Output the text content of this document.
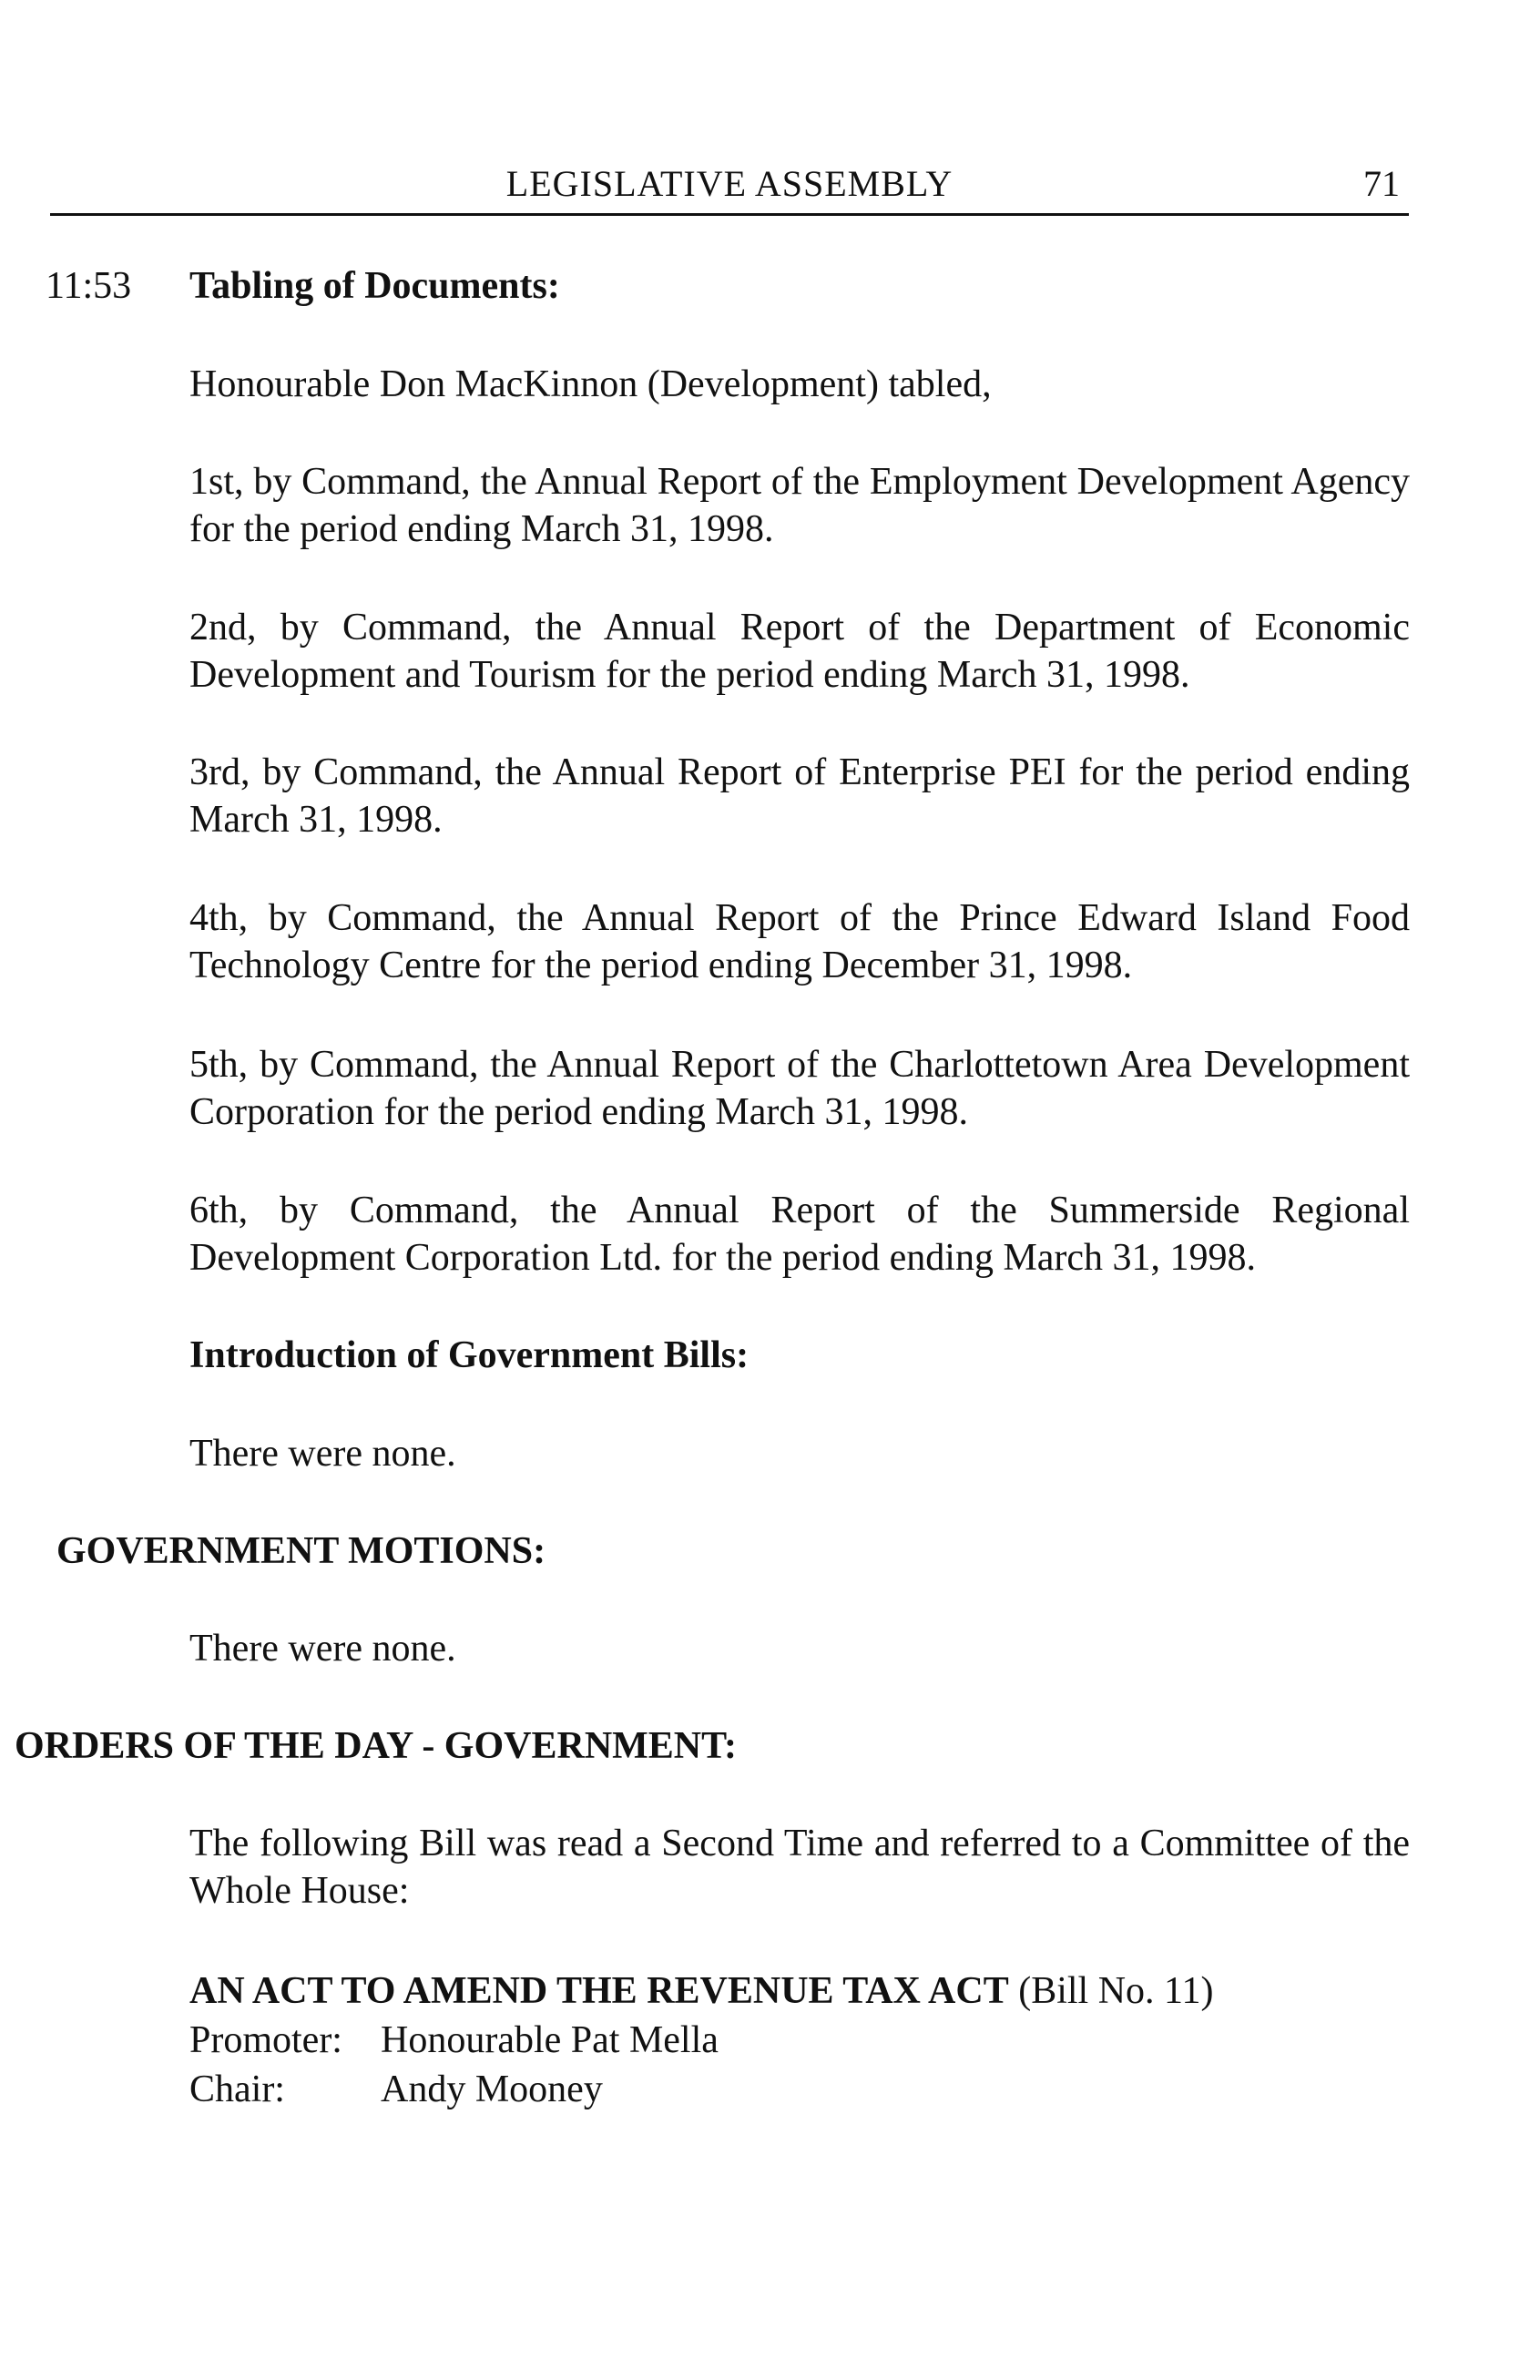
LEGISLATIVE ASSEMBLY	71
11:53 Tabling of Documents:
Honourable Don MacKinnon (Development) tabled,
1st, by Command, the Annual Report of the Employment Development Agency for the period ending March 31, 1998.
2nd, by Command, the Annual Report of the Department of Economic Development and Tourism for the period ending March 31, 1998.
3rd, by Command, the Annual Report of Enterprise PEI for the period ending March 31, 1998.
4th, by Command, the Annual Report of the Prince Edward Island Food Technology Centre for the period ending December 31, 1998.
5th, by Command, the Annual Report of the Charlottetown Area Development Corporation for the period ending March 31, 1998.
6th, by Command, the Annual Report of the Summerside Regional Development Corporation Ltd. for the period ending March 31, 1998.
Introduction of Government Bills:
There were none.
GOVERNMENT MOTIONS:
There were none.
ORDERS OF THE DAY - GOVERNMENT:
The following Bill was read a Second Time and referred to a Committee of the Whole House:
AN ACT TO AMEND THE REVENUE TAX ACT (Bill No. 11)
Promoter: Honourable Pat Mella
Chair:	Andy Mooney
